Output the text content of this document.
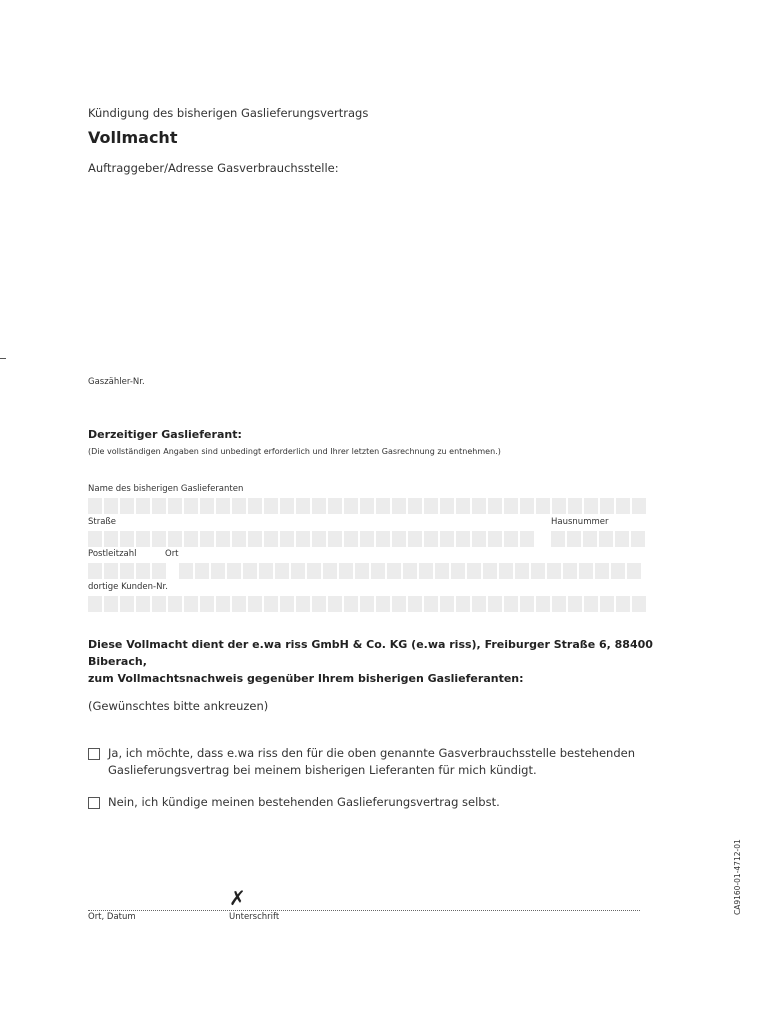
Kündigung des bisherigen Gaslieferungsvertrags
Vollmacht
Auftraggeber/Adresse Gasverbrauchsstelle:
Gaszähler-Nr.
Derzeitiger Gaslieferant:
(Die vollständigen Angaben sind unbedingt erforderlich und Ihrer letzten Gasrechnung zu entnehmen.)
Name des bisherigen Gaslieferanten
Straße	Hausnummer
Postleitzahl	Ort
dortige Kunden-Nr.
Diese Vollmacht dient der e.wa riss GmbH & Co. KG (e.wa riss), Freiburger Straße 6, 88400 Biberach,
zum Vollmachtsnachweis gegenüber Ihrem bisherigen Gaslieferanten:
(Gewünschtes bitte ankreuzen)
Ja, ich möchte, dass e.wa riss den für die oben genannte Gasverbrauchsstelle bestehenden Gaslieferungsvertrag bei meinem bisherigen Lieferanten für mich kündigt.
Nein, ich kündige meinen bestehenden Gaslieferungsvertrag selbst.
✗
Ort, Datum	Unterschrift
CA9160-01-4712-01
